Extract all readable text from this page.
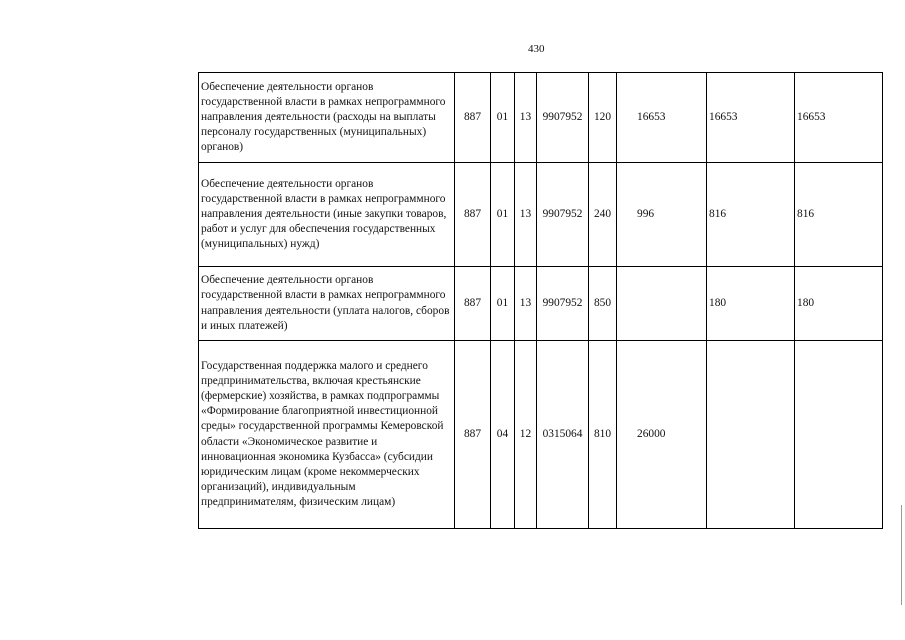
430
Обеспечение деятельности органов государственной власти в рамках непрограммного направления деятельности (расходы на выплаты персоналу государственных (муниципальных) органов)	887	01	13	9907952	120	16653	16653	16653
Обеспечение деятельности органов государственной власти в рамках непрограммного направления деятельности (иные закупки товаров, работ и услуг для обеспечения государственных (муниципальных) нужд)	887	01	13	9907952	240	996	816	816
Обеспечение деятельности органов государственной власти в рамках непрограммного направления деятельности (уплата налогов, сборов и иных платежей)	887	01	13	9907952	850		180	180
Государственная поддержка малого и среднего предпринимательства, включая крестьянские (фермерские) хозяйства, в рамках подпрограммы «Формирование благоприятной инвестиционной среды» государственной программы Кемеровской области «Экономическое развитие и инновационная экономика Кузбасса» (субсидии юридическим лицам (кроме некоммерческих организаций), индивидуальным предпринимателям, физическим лицам)	887	04	12	0315064	810	26000		
